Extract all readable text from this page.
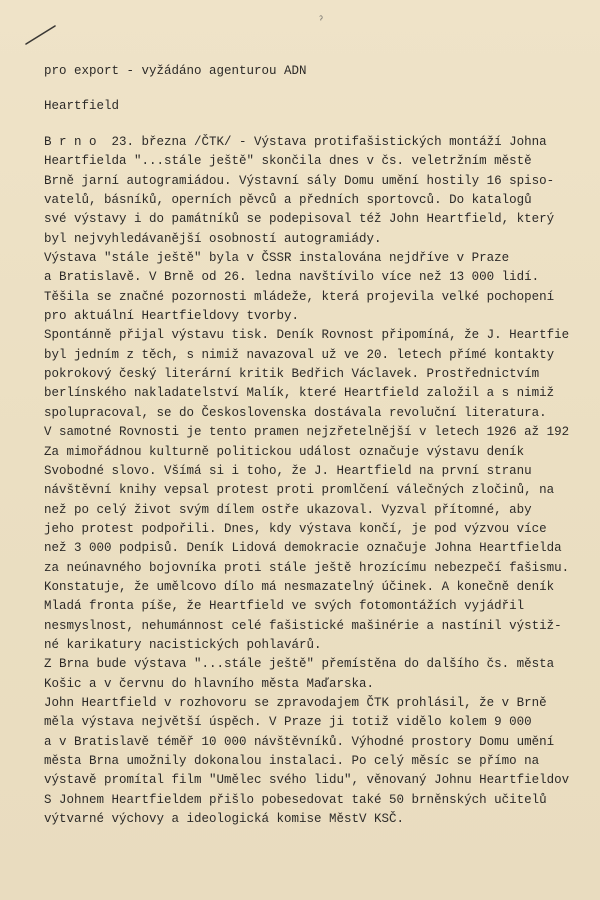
ˀ
pro export - vyžádáno agenturou ADN
Heartfield
B r n o  23. března /ČTK/ - Výstava protifašistických montáží Johna
Heartfielda "...stále ještě" skončila dnes v čs. veletržním městě
Brně jarní autogramiádou. Výstavní sály Domu umění hostily 16 spiso-
vatelů, básníků, operních pěvců a předních sportovců. Do katalogů
své výstavy i do památníků se podepisoval též John Heartfield, který
byl nejvyhledávanější osobností autogramiády.
Výstava "stále ještě" byla v ČSSR instalována nejdříve v Praze
a Bratislavě. V Brně od 26. ledna navštívilo více než 13 000 lidí.
Těšila se značné pozornosti mládeže, která projevila velké pochopení
pro aktuální Heartfieldovy tvorby.
Spontánně přijal výstavu tisk. Deník Rovnost připomíná, že J. Heartfie
byl jedním z těch, s nimiž navazoval už ve 20. letech přímé kontakty
pokrokový český literární kritik Bedřich Václavek. Prostřednictvím
berlínského nakladatelství Malík, které Heartfield založil a s nimiž
spolupracoval, se do Československa dostávala revoluční literatura.
V samotné Rovnosti je tento pramen nejzřetelnější v letech 1926 až 192
Za mimořádnou kulturně politickou událost označuje výstavu deník
Svobodné slovo. Všímá si i toho, že J. Heartfield na první stranu
návštěvní knihy vepsal protest proti promlčení válečných zločinů, na
než po celý život svým dílem ostře ukazoval. Vyzval přítomné, aby
jeho protest podpořili. Dnes, kdy výstava končí, je pod výzvou více
než 3 000 podpisů. Deník Lidová demokracie označuje Johna Heartfielda
za neúnavného bojovníka proti stále ještě hrozícímu nebezpečí fašismu.
Konstatuje, že umělcovo dílo má nesmazatelný účinek. A konečně deník
Mladá fronta píše, že Heartfield ve svých fotomontážích vyjádřil
nesmyslnost, nehumánnost celé fašistické mašinérie a nastínil výstiž-
né karikatury nacistických pohlavárů.
Z Brna bude výstava "...stále ještě" přemístěna do dalšího čs. města
Košic a v červnu do hlavního města Maďarska.
John Heartfield v rozhovoru se zpravodajem ČTK prohlásil, že v Brně
měla výstava největší úspěch. V Praze ji totiž vidělo kolem 9 000
a v Bratislavě téměř 10 000 návštěvníků. Výhodné prostory Domu umění
města Brna umožnily dokonalou instalaci. Po celý měsíc se přímo na
výstavě promítal film "Umělec svého lidu", věnovaný Johnu Heartfieldov
S Johnem Heartfieldem přišlo pobesedovat také 50 brněnských učitelů
výtvarné výchovy a ideologická komise MěstV KSČ.
